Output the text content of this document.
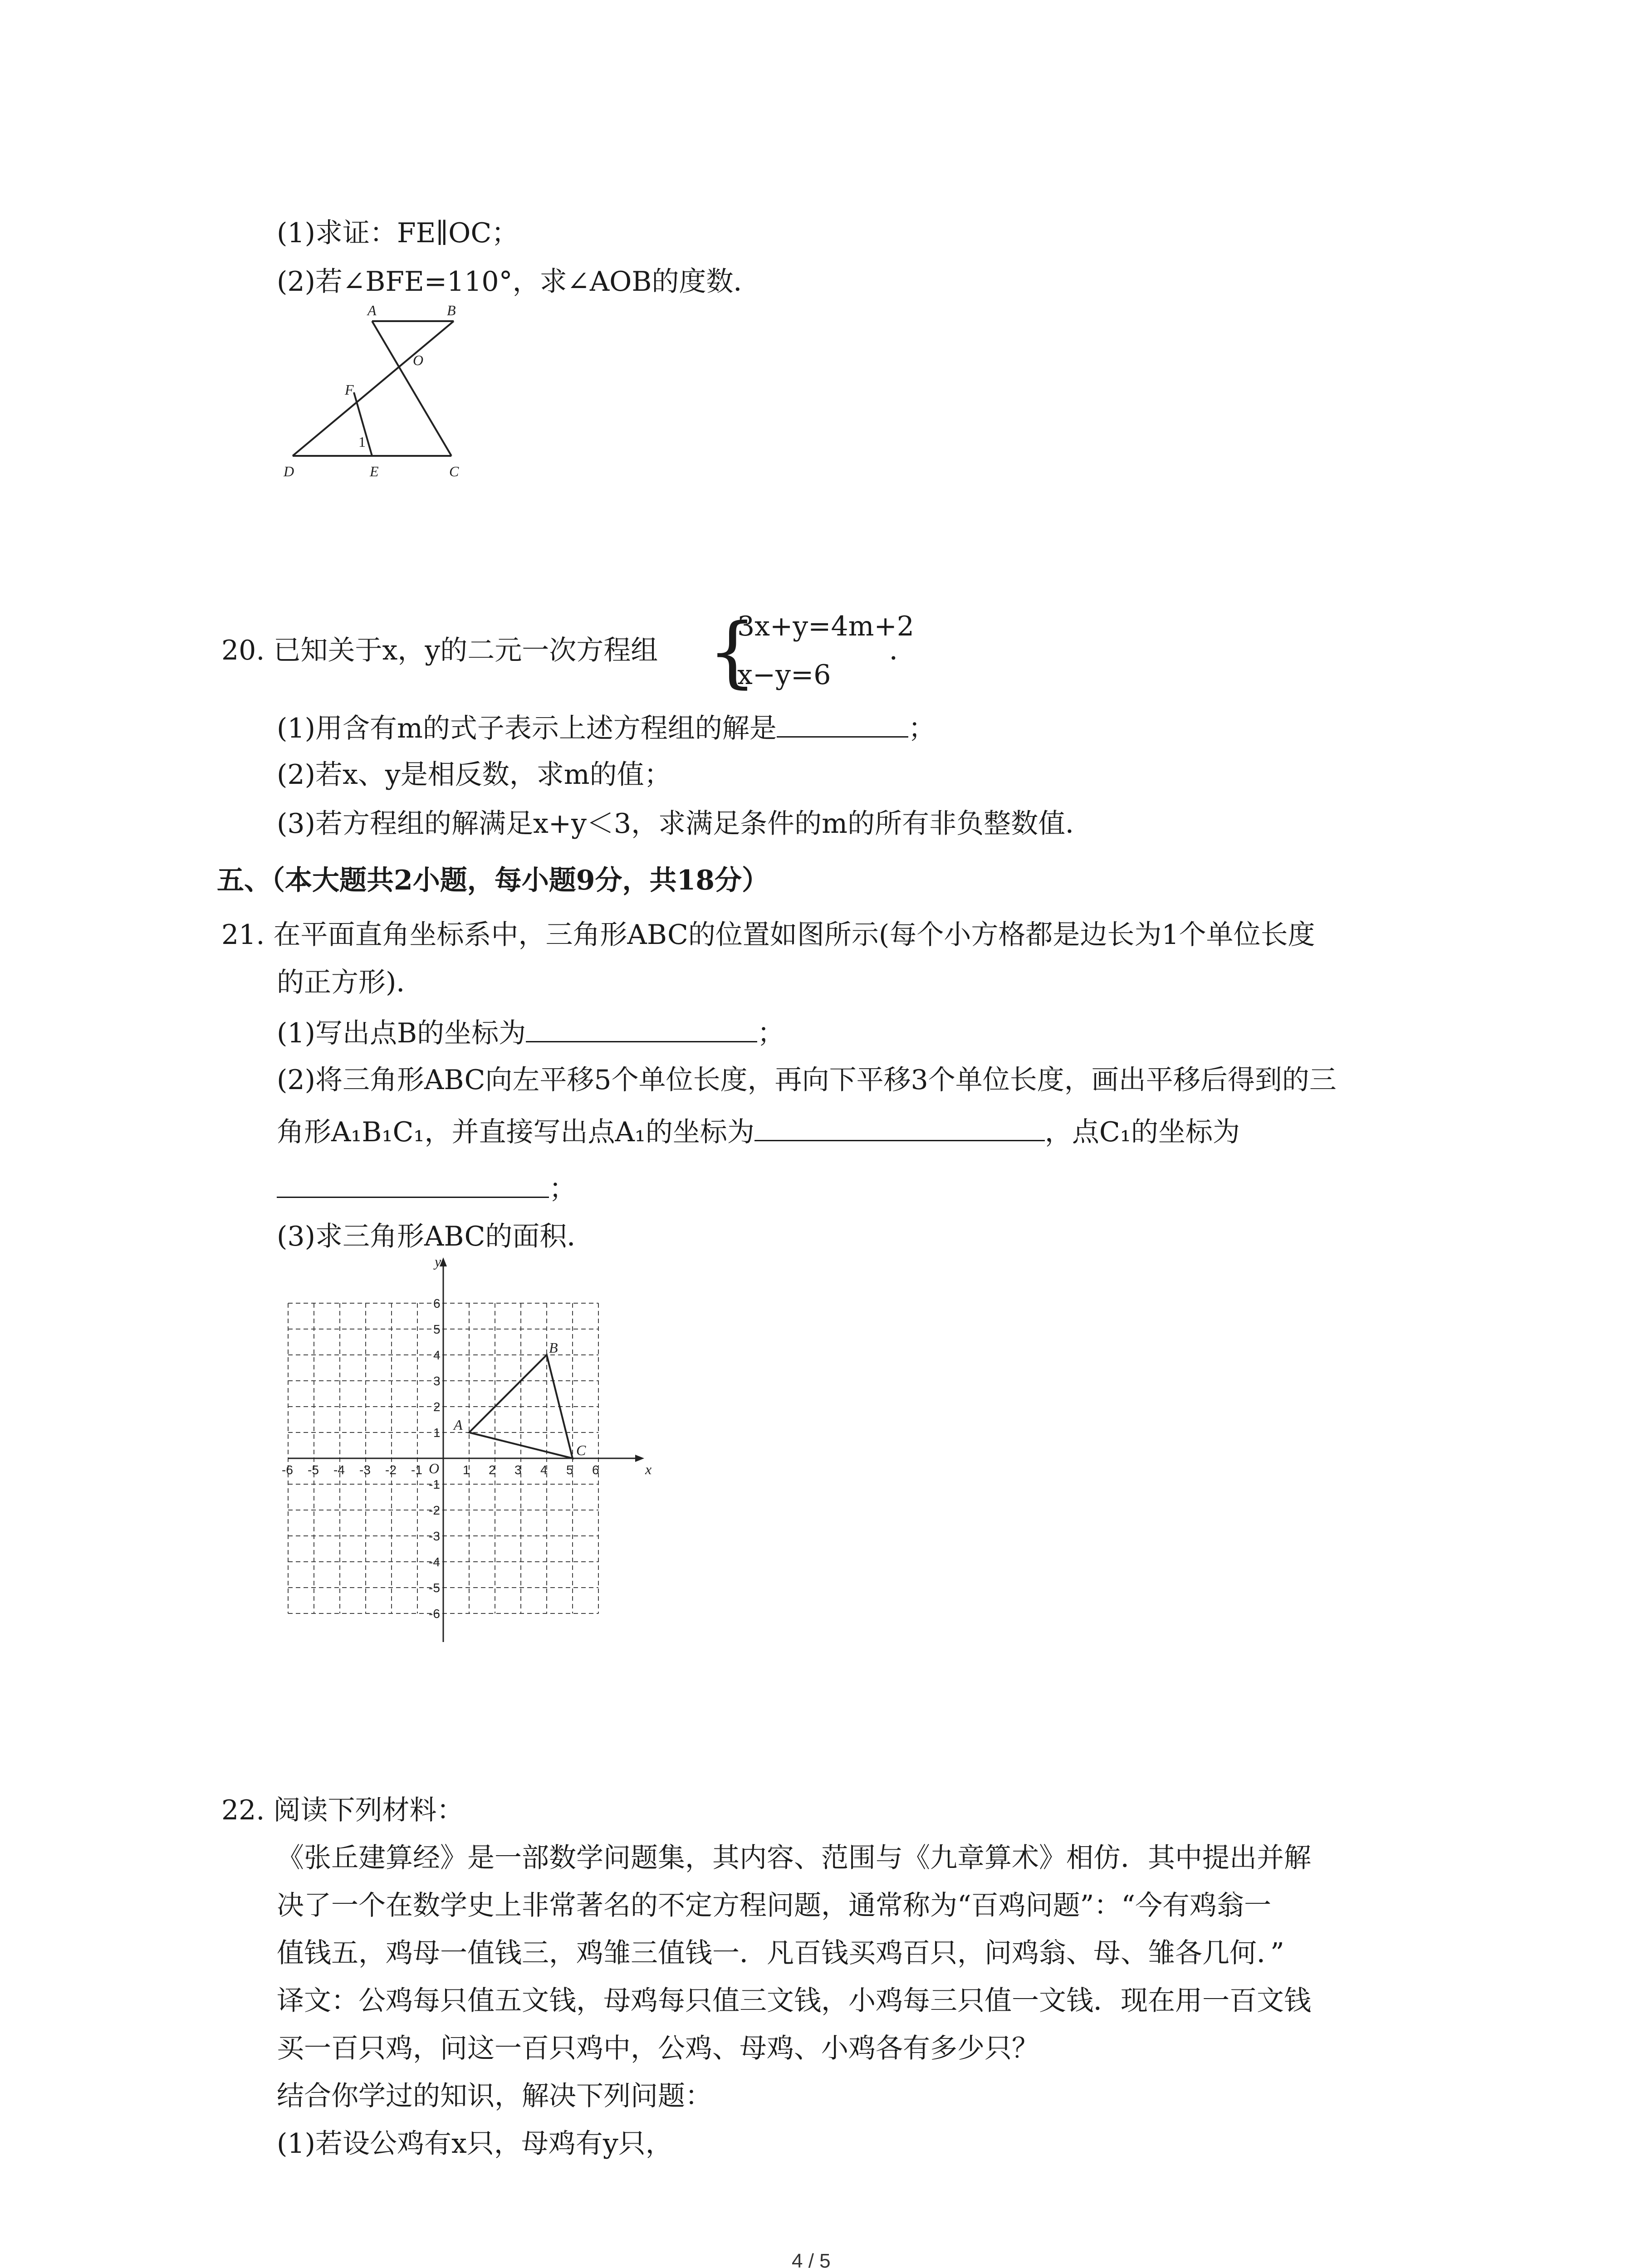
(1)求证：FE∥OC；
(2)若∠BFE=110°，求∠AOB的度数．
A	B
O
F
1
D	E	C
20. 已知关于x，y的二元一次方程组 {
3x+y=4m+2
x−y=6
．
(1)用含有m的式子表示上述方程组的解是	；
(2)若x、y是相反数，求m的值；
(3)若方程组的解满足x+y＜3，求满足条件的m的所有非负整数值．
五、（本大题共2小题，每小题9分，共18分）
21. 在平面直角坐标系中，三角形ABC的位置如图所示(每个小方格都是边长为1个单位长度
的正方形)．
(1)写出点B的坐标为	；
(2)将三角形ABC向左平移5个单位长度，再向下平移3个单位长度，画出平移后得到的三
角形A₁B₁C₁，并直接写出点A₁的坐标为	，点C₁的坐标为
；
(3)求三角形ABC的面积．
-6 -5 -4 -3 -2 -1	1 2 3 4 5 6
6
5
4
3
2
1
-1
-2
-3
-4
-5
-6
x
y
O
A
B
C
22. 阅读下列材料：
《张丘建算经》是一部数学问题集，其内容、范围与《九章算术》相仿．其中提出并解
决了一个在数学史上非常著名的不定方程问题，通常称为“百鸡问题”：“今有鸡翁一
值钱五，鸡母一值钱三，鸡雏三值钱一．凡百钱买鸡百只，问鸡翁、母、雏各几何．”
译文：公鸡每只值五文钱，母鸡每只值三文钱，小鸡每三只值一文钱．现在用一百文钱
买一百只鸡，问这一百只鸡中，公鸡、母鸡、小鸡各有多少只？
结合你学过的知识，解决下列问题：
(1)若设公鸡有x只，母鸡有y只，
4 / 5
